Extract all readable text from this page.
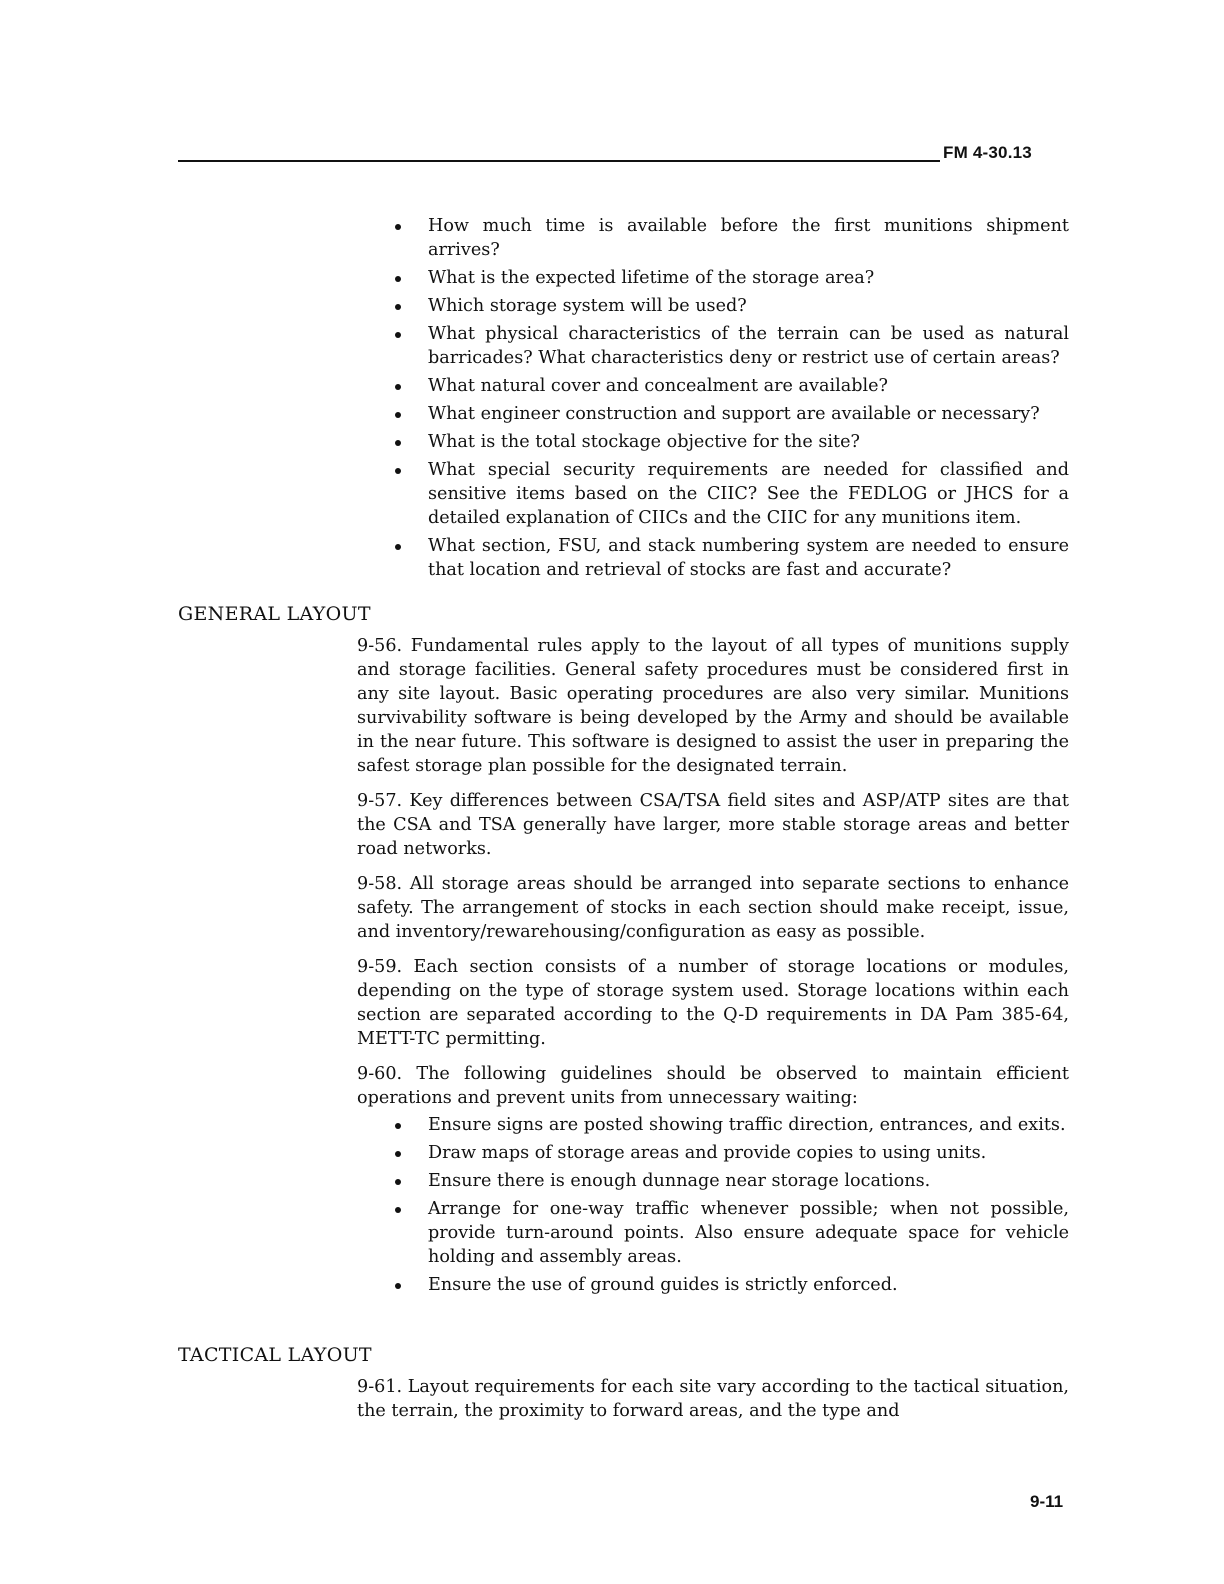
FM 4-30.13
How much time is available before the first munitions shipment arrives?
What is the expected lifetime of the storage area?
Which storage system will be used?
What physical characteristics of the terrain can be used as natural barricades? What characteristics deny or restrict use of certain areas?
What natural cover and concealment are available?
What engineer construction and support are available or necessary?
What is the total stockage objective for the site?
What special security requirements are needed for classified and sensitive items based on the CIIC? See the FEDLOG or JHCS for a detailed explanation of CIICs and the CIIC for any munitions item.
What section, FSU, and stack numbering system are needed to ensure that location and retrieval of stocks are fast and accurate?
GENERAL LAYOUT

9-56. Fundamental rules apply to the layout of all types of munitions supply and storage facilities. General safety procedures must be considered first in any site layout. Basic operating procedures are also very similar. Munitions survivability software is being developed by the Army and should be available in the near future. This software is designed to assist the user in preparing the safest storage plan possible for the designated terrain.

9-57. Key differences between CSA/TSA field sites and ASP/ATP sites are that the CSA and TSA generally have larger, more stable storage areas and better road networks.

9-58. All storage areas should be arranged into separate sections to enhance safety. The arrangement of stocks in each section should make receipt, issue, and inventory/rewarehousing/configuration as easy as possible.

9-59. Each section consists of a number of storage locations or modules, depending on the type of storage system used. Storage locations within each section are separated according to the Q-D requirements in DA Pam 385-64, METT-TC permitting.

9-60. The following guidelines should be observed to maintain efficient operations and prevent units from unnecessary waiting:

Ensure signs are posted showing traffic direction, entrances, and exits.
Draw maps of storage areas and provide copies to using units.
Ensure there is enough dunnage near storage locations.
Arrange for one-way traffic whenever possible; when not possible, provide turn-around points. Also ensure adequate space for vehicle holding and assembly areas.
Ensure the use of ground guides is strictly enforced.
TACTICAL LAYOUT

9-61. Layout requirements for each site vary according to the tactical situation, the terrain, the proximity to forward areas, and the type and

9-11
